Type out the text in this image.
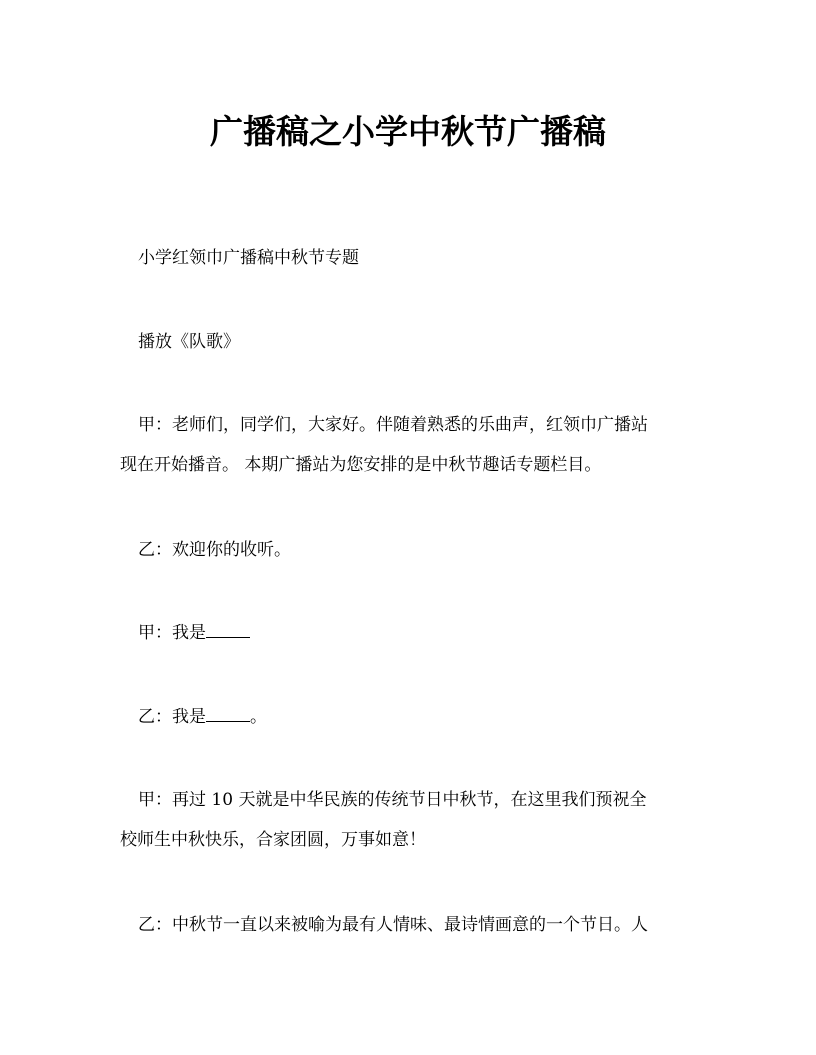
广播稿之小学中秋节广播稿
小学红领巾广播稿中秋节专题
播放《队歌》
甲：老师们，同学们，大家好。伴随着熟悉的乐曲声，红领巾广播站
现在开始播音。 本期广播站为您安排的是中秋节趣话专题栏目。
乙：欢迎你的收听。
甲：我是
乙：我是	。
甲：再过 10 天就是中华民族的传统节日中秋节，在这里我们预祝全
校师生中秋快乐，合家团圆，万事如意！
乙：中秋节一直以来被喻为最有人情味、最诗情画意的一个节日。人
